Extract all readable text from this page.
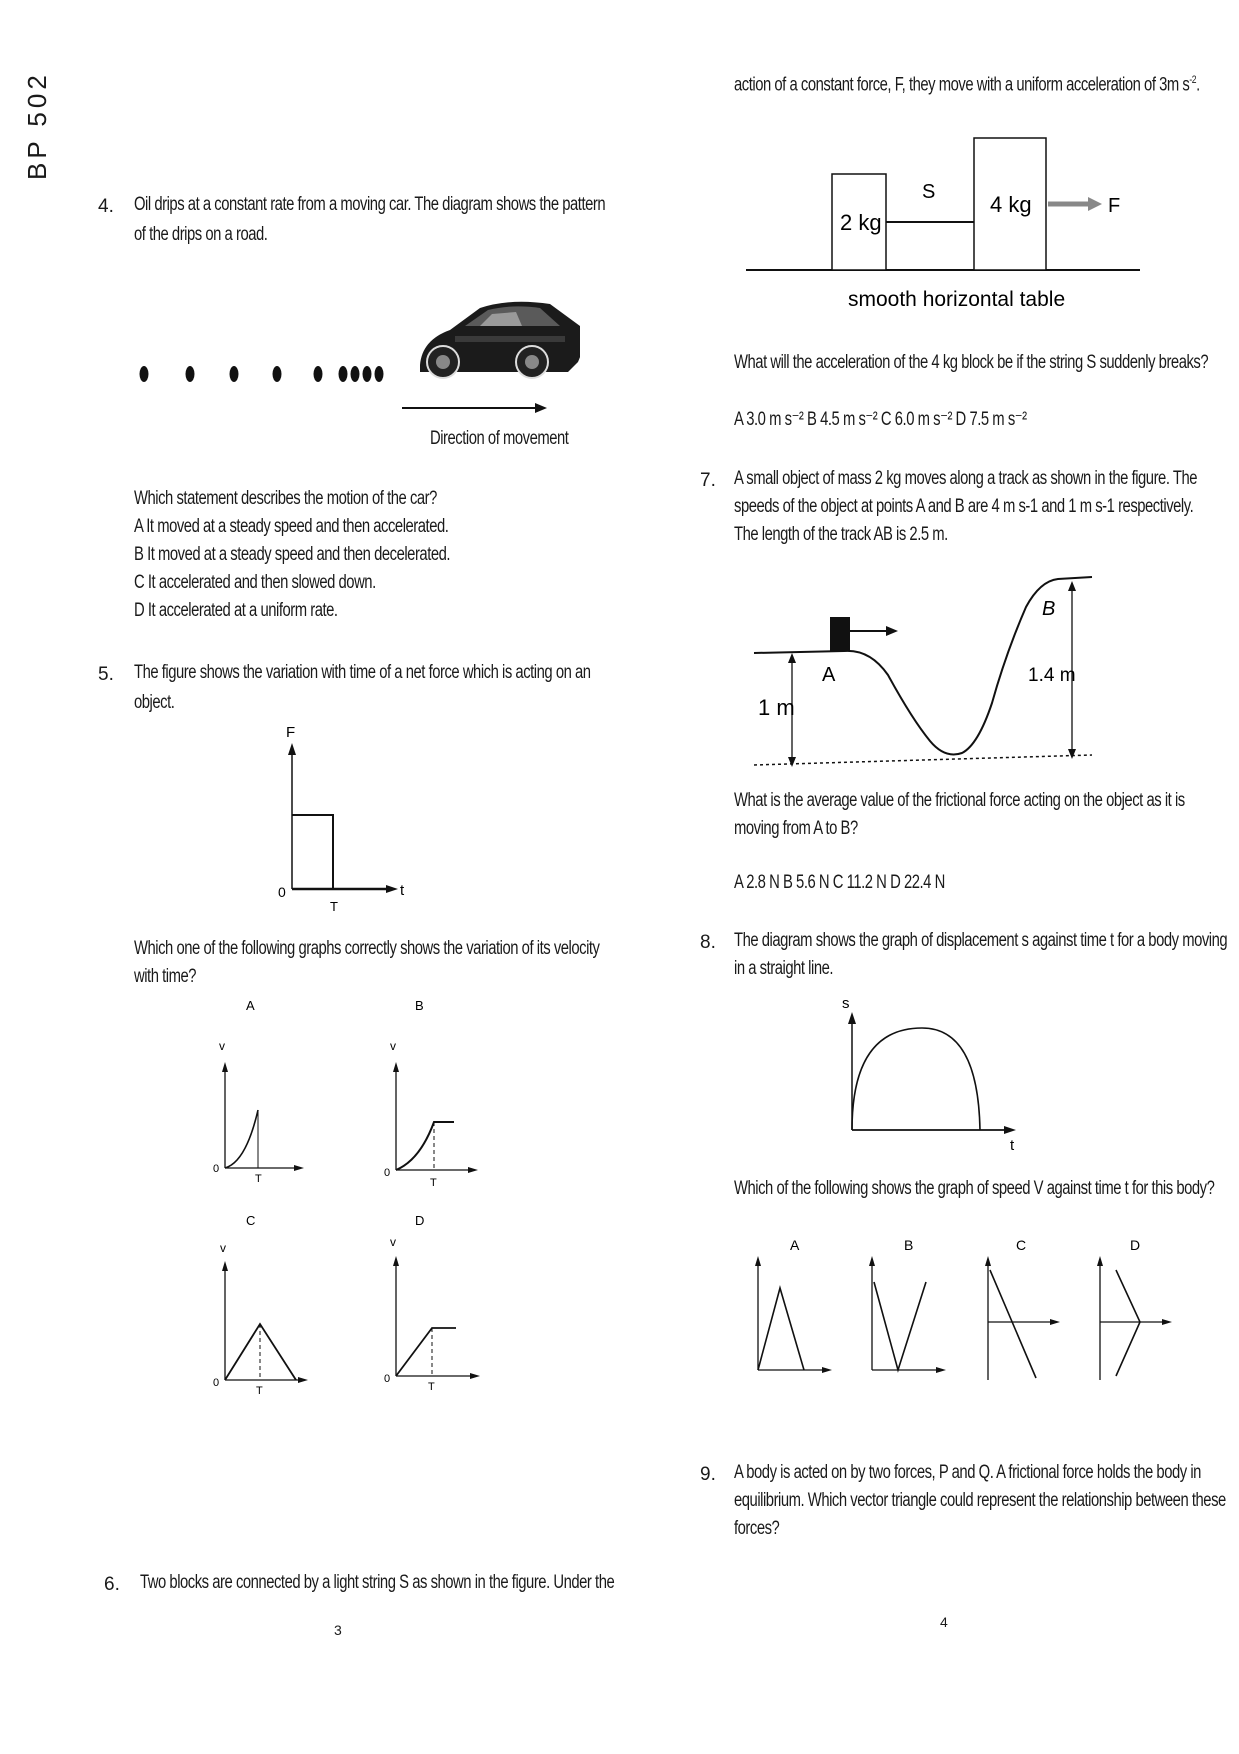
BP 502
4. Oil drips at a constant rate from a moving car. The diagram shows the pattern
of the drips on a road.
Direction of movement
Which statement describes the motion of the car?
A It moved at a steady speed and then accelerated.
B It moved at a steady speed and then decelerated.
C It accelerated and then slowed down.
D It accelerated at a uniform rate.
5. The figure shows the variation with time of a net force which is acting on an
object.
F
0	t
T
Which one of the following graphs correctly shows the variation of its velocity
with time?
A	B
C	D
v
0
T
v
0
T
v
0
T
v
0
T
6. Two blocks are connected by a light string S as shown in the figure. Under the
3
action of a constant force, F, they move with a uniform acceleration of 3m $s^{-2}$.
2 kg
S 4 kg	F
smooth horizontal table
What will the acceleration of the 4 kg block be if the string S suddenly breaks?
A 3.0 m s⁻² B 4.5 m s⁻² C 6.0 m s⁻² D 7.5 m s⁻²
7. A small object of mass 2 kg moves along a track as shown in the figure. The
speeds of the object at points A and B are 4 m s-1 and 1 m s-1 respectively.
The length of the track AB is 2.5 m.
A
B
1 m
1.4 m
What is the average value of the frictional force acting on the object as it is
moving from A to B?
A 2.8 N B 5.6 N C 11.2 N D 22.4 N
8. The diagram shows the graph of displacement s against time t for a body moving
in a straight line.
s
t
Which of the following shows the graph of speed V against time t for this body?
A	B	C	D
9. A body is acted on by two forces, P and Q. A frictional force holds the body in
equilibrium. Which vector triangle could represent the relationship between these
forces?
4
